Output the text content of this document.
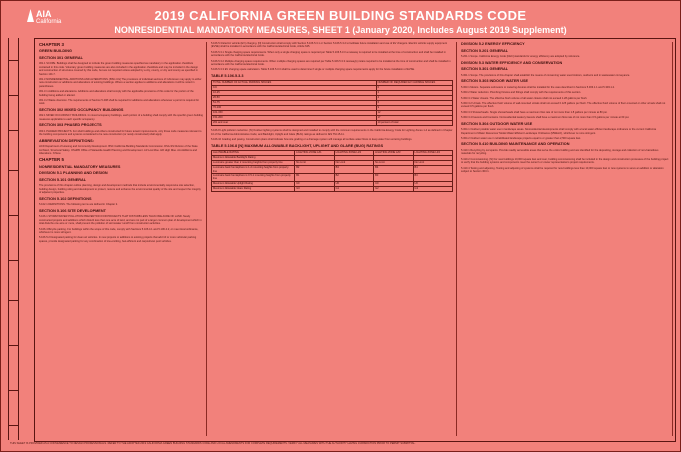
AIA
California	2019 CALIFORNIA GREEN BUILDING STANDARDS CODE
NONRESIDENTIAL MANDATORY MEASURES, SHEET 1 (January 2020, Includes August 2019 Supplement)
CHAPTER 3
GREEN BUILDING
SECTION 301 GENERAL
301.1 SCOPE. Buildings shall be designed to include the green building measures specified as mandatory in the application checklists contained in this code. Voluntary green building measures are also included in the application checklists and may be included in the design and construction of structures covered by this code, but are not required unless adopted by a city, county, or city and county as specified in Section 101.7.
301.3 NONRESIDENTIAL ADDITIONS AND ALTERATIONS. [BSC-CG] The provisions of individual sections of CALGreen may apply to either new construction or additions and alterations of existing buildings. Where a section applies to additions and alterations it will be noted in parentheses.
301.3.1 Additions and alterations. Additions and alterations shall comply with the applicable provisions of this code for the portion of the building being added or altered.
301.3.2 Waste diversion. The requirements of Section 5.408 shall be required for additions and alterations whenever a permit is required for work.
SECTION 302 MIXED OCCUPANCY BUILDINGS
302.1 MIXED OCCUPANCY BUILDINGS. In mixed occupancy buildings, each portion of a building shall comply with the specific green building measures applicable to each specific occupancy.
SECTION 303 PHASED PROJECTS
303.1 PHASED PROJECTS. For shell buildings and others constructed for future tenant improvements, only those code measures relevant to the building components and systems considered to be new construction (or newly constructed) shall apply.
ABBREVIATION DEFINITIONS:
HCD Department of Housing and Community Development. BSC California Building Standards Commission. DSA-SS Division of the State Architect, Structural Safety. OSHPD Office of Statewide Health Planning and Development. LR Low Rise. HR High Rise. AA Additions and Alterations. N New.
CHAPTER 5
NONRESIDENTIAL MANDATORY MEASURES
DIVISION 5.1 PLANNING AND DESIGN
SECTION 5.101 GENERAL
The provisions of this chapter outline planning, design and development methods that include environmentally responsive site selection, building design, building siting and development to protect, restore and enhance the environmental quality of the site and respect the integrity of adjacent properties.
SECTION 5.102 DEFINITIONS
5.102.1 DEFINITIONS. The following terms are defined in Chapter 2.
SECTION 5.106 SITE DEVELOPMENT
5.106.1 STORM WATER POLLUTION PREVENTION FOR PROJECTS THAT DISTURB LESS THAN ONE ACRE OF LAND. Newly constructed projects and additions which disturb less than one acre of land, and are not part of a larger common plan of development which in total disturbs one acre or more, shall prevent the pollution of stormwater runoff from construction activities.
5.106.4 Bicycle parking. For buildings within the scope of this code, comply with Sections 5.106.4.1 and 5.106.4.2; or meet local ordinance, whichever is more stringent.
5.106.5.2 Designated parking for clean air vehicles. In new projects or additions to existing projects that add 10 or more vehicular parking spaces, provide designated parking for any combination of low-emitting, fuel-efficient and carpool/van pool vehicles.
5.106.5.3 Electric vehicle (EV) charging. [N] Construction shall comply with Section 5.106.5.3.1 or Section 5.106.5.3.2 to facilitate future installation and use of EV chargers. Electric vehicle supply equipment (EVSE) shall be installed in accordance with the California Electrical Code, Article 625.
5.106.5.3.1 Single charging space requirements. When only a single charging space is required per Table 5.106.5.3.3 a raceway is required to be installed at the time of construction and shall be installed in accordance with the California Electrical Code.
5.106.5.3.2 Multiple charging space requirements. When multiple charging spaces are required per Table 5.106.5.3.3 raceway(s) is/are required to be installed at the time of construction and shall be installed in accordance with the California Electrical Code.
5.106.5.3.3 EV charging space calculation. Table 5.106.5.3.3 shall be used to determine if single or multiple charging space requirements apply for the future installation of EVSE.
TABLE 5.106.5.3.3
TOTAL NUMBER OF ACTUAL PARKING SPACES	NUMBER OF REQUIRED EV CAPABLE SPACES
0-9	0
10-25	2
26-50	4
51-75	6
76-100	9
101-150	12
151-200	17
201 and over	10 percent of total
5.106.8 Light pollution reduction. [N] Outdoor lighting systems shall be designed and installed to comply with the minimum requirements in the California Energy Code for Lighting Zones 1-4 as defined in Chapter 10 of the California Administrative Code; and Backlight, Uplight and Glare (BUG) ratings as defined in IES TM-15-11.
5.106.10 Grading and paving. Construction plans shall indicate how site grading or a drainage system will manage all surface water flows to keep water from entering buildings.
TABLE 5.106.8 [N] MAXIMUM ALLOWABLE BACKLIGHT, UPLIGHT AND GLARE (BUG) RATINGS
ALLOWABLE RATING	LIGHTING ZONE LZ1	LIGHTING ZONE LZ2	LIGHTING ZONE LZ3	LIGHTING ZONE LZ4
Maximum Allowable Backlight Rating
Luminaire greater than 2 mounting heights from property line	No Limit	No Limit	No Limit	No Limit
Luminaire back hemisphere is 1-2 mounting heights from property line
B2	B3	B4	B4
Luminaire back hemisphere is 0.5-1 mounting heights from property line
B1	B2	B3	B3
Maximum Allowable Uplight Rating	U0	U0	U0	U0
Maximum Allowable Glare Rating	G0	G1	G2	G3
DIVISION 5.2 ENERGY EFFICIENCY
SECTION 5.201 GENERAL
5.201.1 Scope. California Energy Code [CEC] standards for energy efficiency are adopted by reference.
DIVISION 5.3 WATER EFFICIENCY AND CONSERVATION
SECTION 5.301 GENERAL
5.301.1 Scope. The provisions of this chapter shall establish the means of conserving water used indoors, outdoors and in wastewater conveyance.
SECTION 5.303 INDOOR WATER USE
5.303.1 Meters. Separate submeters or metering devices shall be installed for the uses described in Sections 5.303.1.1 and 5.303.1.2.
5.303.2 Water reduction. Plumbing fixtures and fittings shall comply with the requirements of this section.
5.303.3.1 Water closets. The effective flush volume of all water closets shall not exceed 1.28 gallons per flush.
5.303.3.2 Urinals. The effective flush volume of wall-mounted urinals shall not exceed 0.125 gallons per flush. The effective flush volume of floor-mounted or other urinals shall not exceed 0.5 gallons per flush.
5.303.3.3 Showerheads. Single showerheads shall have a maximum flow rate of not more than 1.8 gallons per minute at 80 psi.
5.303.3.4 Faucets and fountains. Nonresidential lavatory faucets shall have a maximum flow rate of not more than 0.5 gallons per minute at 60 psi.
SECTION 5.304 OUTDOOR WATER USE
5.304.1 Outdoor potable water use in landscape areas. Nonresidential developments shall comply with a local water efficient landscape ordinance or the current California Department of Water Resources' Model Water Efficient Landscape Ordinance (MWELO), whichever is more stringent.
5.304.2 Outdoor water use in rehabilitated landscape projects equal to or greater than 2,500 square feet.
SECTION 5.410 BUILDING MAINTENANCE AND OPERATION
5.410.1 Recycling by occupants. Provide readily accessible areas that serve the entire building and are identified for the depositing, storage and collection of non-hazardous materials for recycling.
5.410.2 Commissioning. [N] For new buildings 10,000 square feet and over, building commissioning shall be included in the design and construction processes of the building project to verify that the building systems and components meet the owner's or owner representative's project requirements.
5.410.4 Testing and adjusting. Testing and adjusting of systems shall be required for new buildings less than 10,000 square feet or new systems to serve an addition or alteration subject to Section 303.1.
THIS SHEET IS PROVIDED AS A CONVENIENCE TO DESIGN PROFESSIONALS. REFER TO THE ADOPTED 2019 CALIFORNIA GREEN BUILDING STANDARDS CODE AND LOCAL AMENDMENTS FOR COMPLETE REQUIREMENTS. VERIFY ALL MEASURES WITH THE AUTHORITY HAVING JURISDICTION PRIOR TO PERMIT SUBMITTAL.
